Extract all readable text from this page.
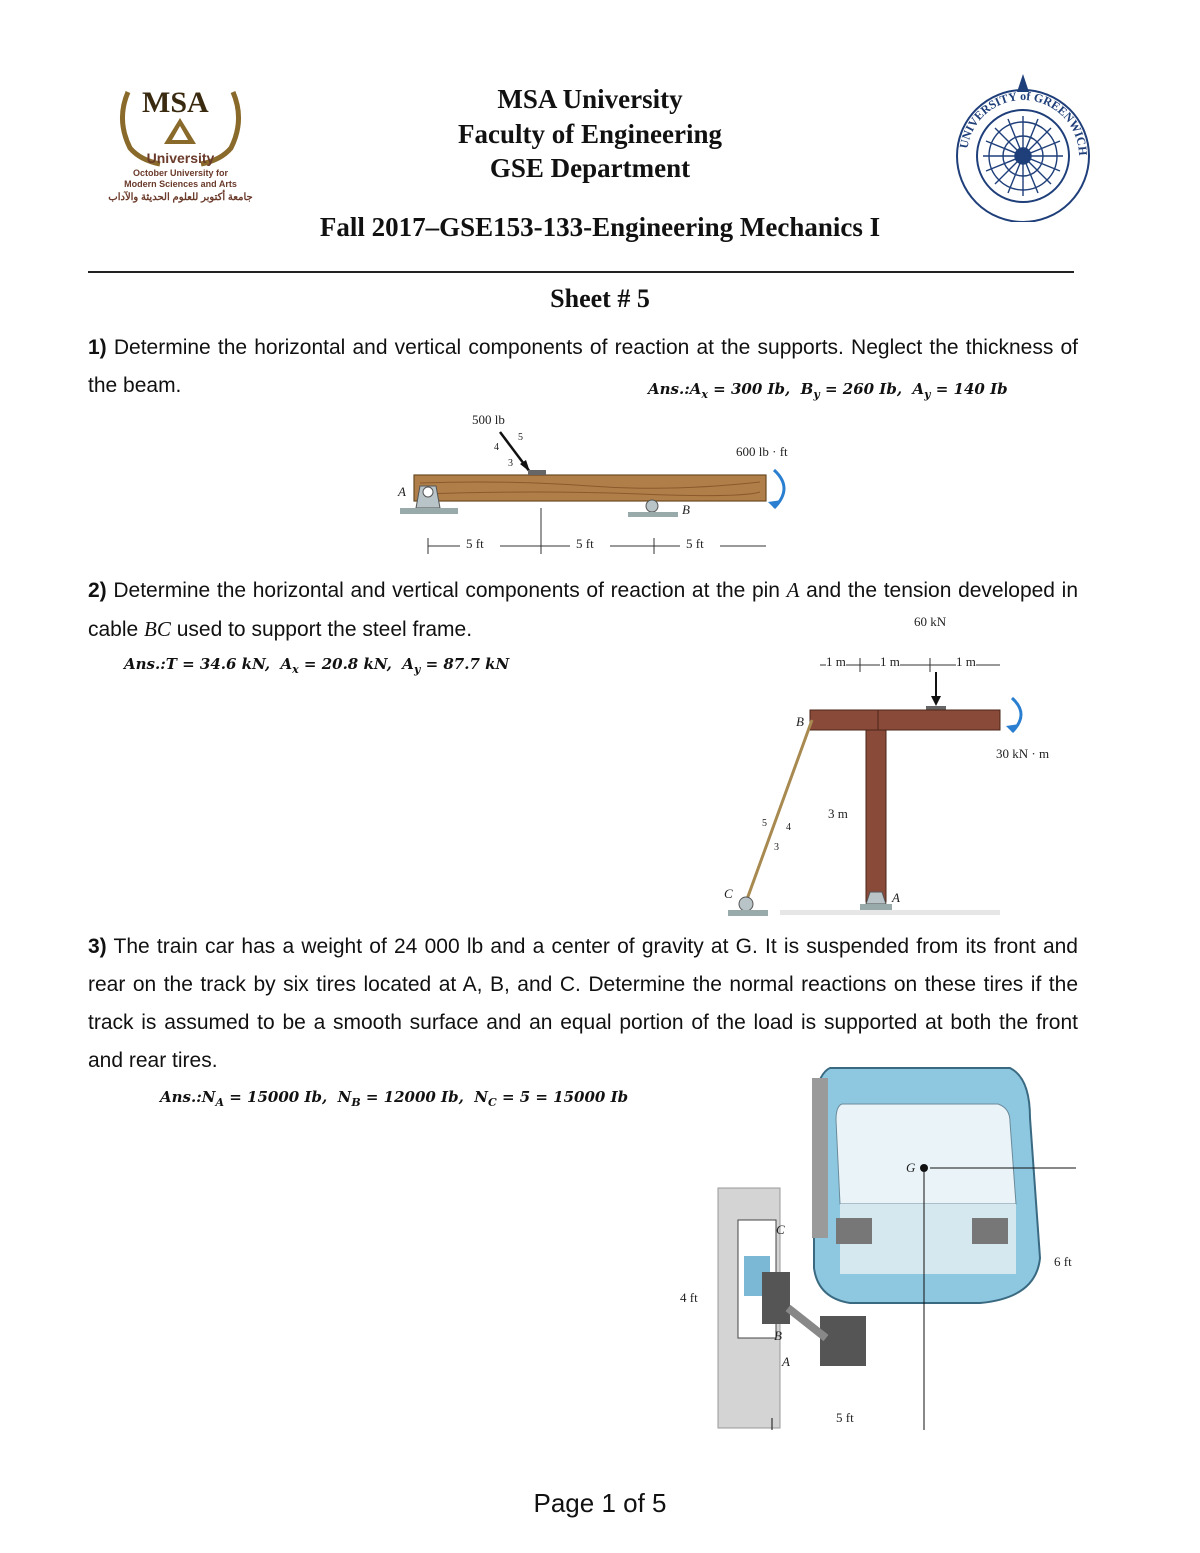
MSA
University
October University for
Modern Sciences and Arts
جامعة أكتوبر للعلوم الحديثة والآداب
MSA University
Faculty of Engineering
GSE Department
Fall 2017–GSE153-133-Engineering Mechanics I
UNIVERSITY of GREENWICH
Sheet # 5
1) Determine the horizontal and vertical components of reaction at the supports. Neglect the thickness of the beam.	$Ans.:A_x = 300$ Ib,  $B_y = 260$ Ib,  $A_y = 140$ Ib
500 lb
5
4
3
600 lb · ft
A
B
5 ft	5 ft	5 ft
2) Determine the horizontal and vertical components of reaction at the pin A and the tension developed in cable BC used to support the steel frame.
Ans.:T = 34.6 kN,  $A_x = 20.8$ kN,  $A_y = 87.7$ kN
60 kN
1 m	1 m	1 m
30 kN · m
3 m
B
C	A
5 4
3
3) The train car has a weight of 24 000 lb and a center of gravity at G. It is suspended from its front and rear on the track by six tires located at A, B, and C. Determine the normal reactions on these tires if the track is assumed to be a smooth surface and an equal portion of the load is supported at both the front and rear tires.
$Ans.:N_A = 15000$ Ib,  $N_B = 12000$ Ib,  $N_C = 5 = 15000$ Ib
G
6 ft
4 ft
5 ft
C
B
A
Page 1 of 5
